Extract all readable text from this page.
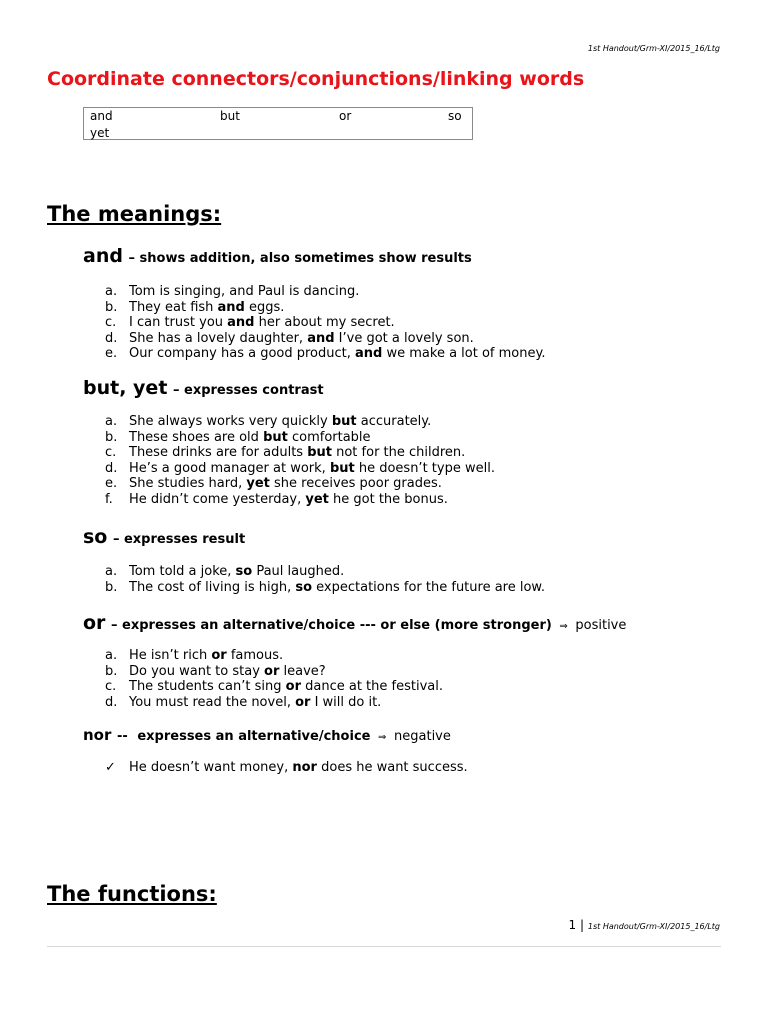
1st Handout/Grm-XI/2015_16/Ltg
Coordinate connectors/conjunctions/linking words
and	but	or	so
yet
The meanings:
and – shows addition, also sometimes show results
a. Tom is singing, and Paul is dancing.
b. They eat fish and eggs.
c. I can trust you and her about my secret.
d. She has a lovely daughter, and I’ve got a lovely son.
e. Our company has a good product, and we make a lot of money.
but, yet – expresses contrast
a. She always works very quickly but accurately.
b. These shoes are old but comfortable
c. These drinks are for adults but not for the children.
d. He’s a good manager at work, but he doesn’t type well.
e. She studies hard, yet she receives poor grades.
f. He didn’t come yesterday, yet he got the bonus.
so – expresses result
a. Tom told a joke, so Paul laughed.
b. The cost of living is high, so expectations for the future are low.
or – expresses an alternative/choice --- or else (more stronger) ⇒ positive
a. He isn’t rich or famous.
b. Do you want to stay or leave?
c. The students can’t sing or dance at the festival.
d. You must read the novel, or I will do it.
nor -- expresses an alternative/choice ⇒ negative
✓ He doesn’t want money, nor does he want success.
The functions:
1 | 1st Handout/Grm-XI/2015_16/Ltg
